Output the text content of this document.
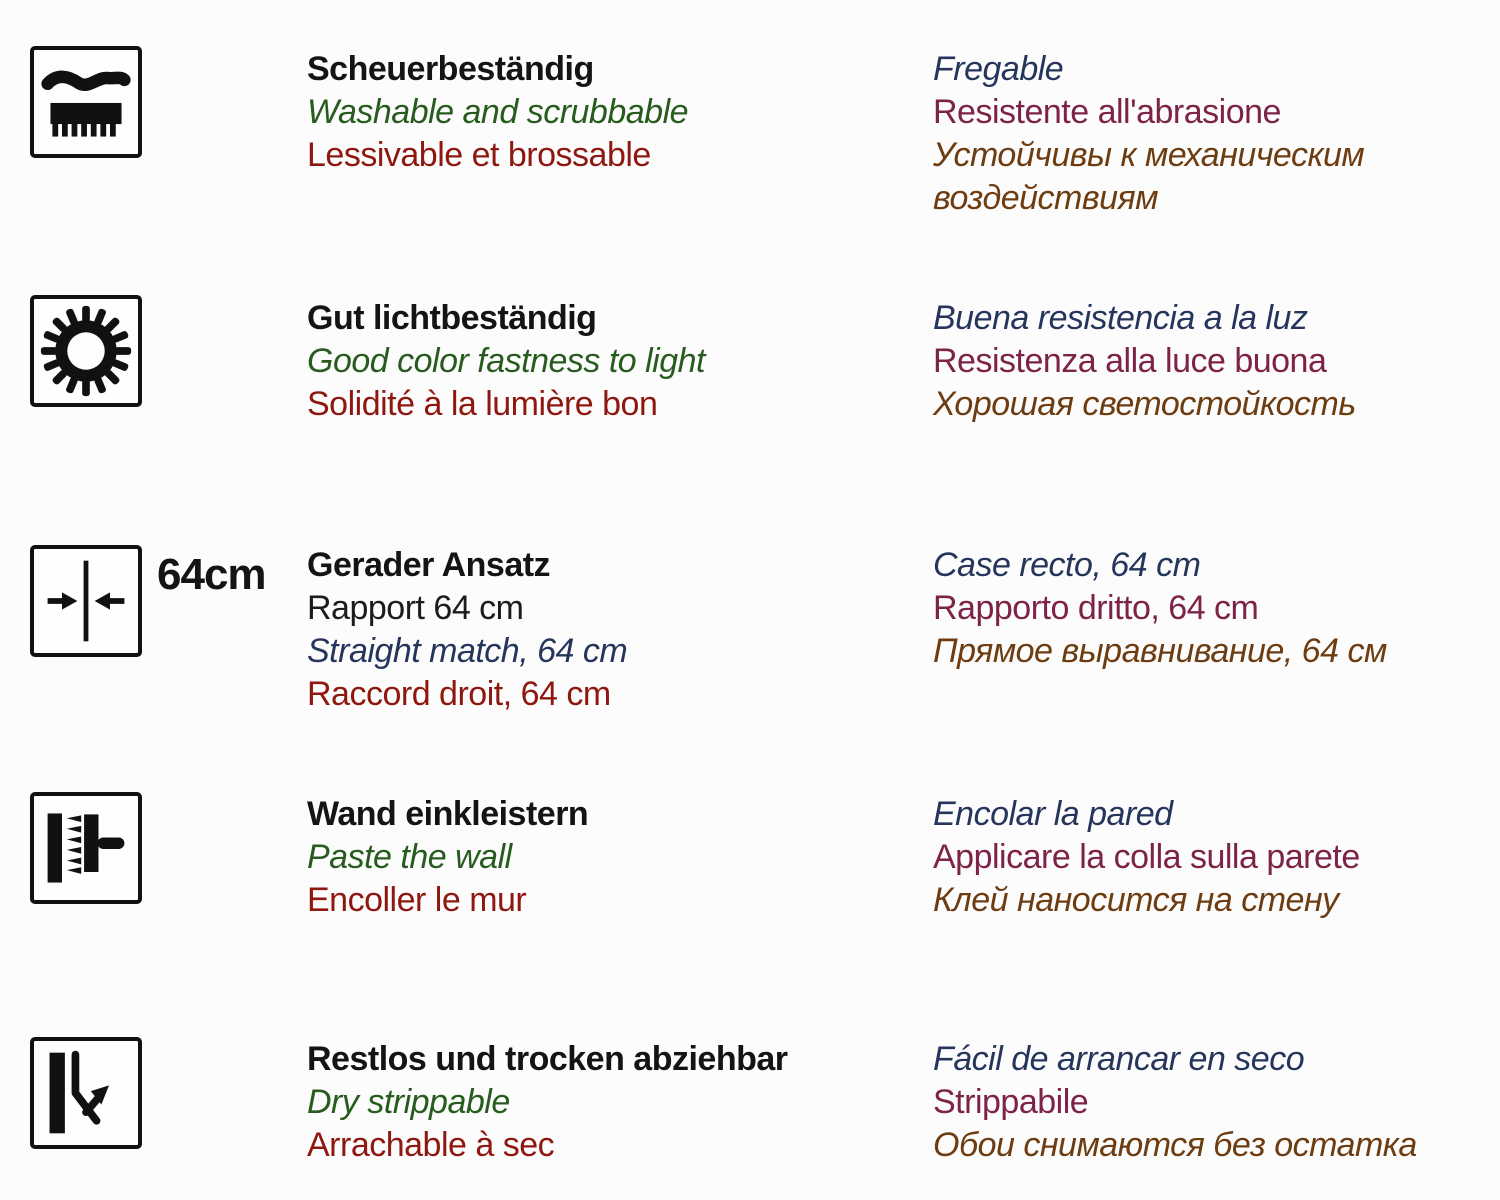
Scheuerbeständig
Washable and scrubbable
Lessivable et brossable
Fregable
Resistente all'abrasione
Устойчивы к механическим воздействиям
Gut lichtbeständig
Good color fastness to light
Solidité à la lumière bon
Buena resistencia a la luz
Resistenza alla luce buona
Хорошая светостойкость
64cm Gerader Ansatz
Rapport 64 cm
Straight match, 64 cm
Raccord droit, 64 cm
Case recto, 64 cm
Rapporto dritto, 64 cm
Прямое выравнивание, 64 см
Wand einkleistern
Paste the wall
Encoller le mur
Encolar la pared
Applicare la colla sulla parete
Клей наносится на стену
Restlos und trocken abziehbar
Dry strippable
Arrachable à sec
Fácil de arrancar en seco
Strippabile
Обои снимаются без остатка
